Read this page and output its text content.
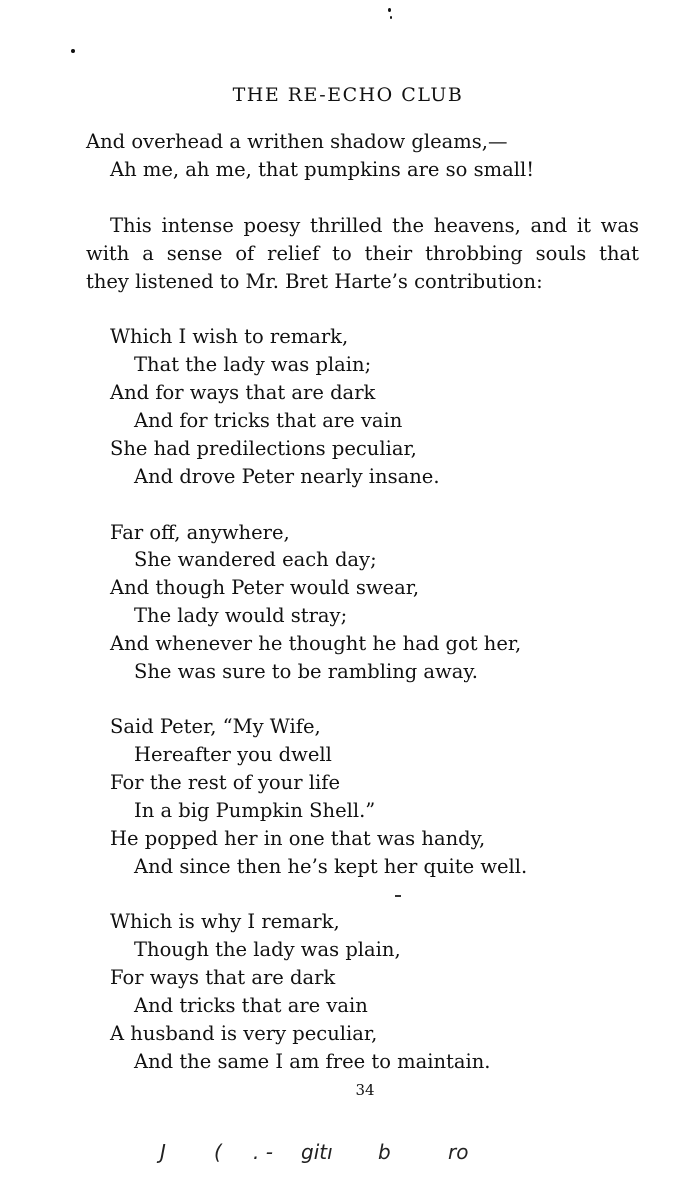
THE RE-ECHO CLUB
And overhead a writhen shadow gleams,—
Ah me, ah me, that pumpkins are so small!
This intense poesy thrilled the heavens, and it was
with a sense of relief to their throbbing souls that
they listened to Mr. Bret Harte’s contribution:
Which I wish to remark,
That the lady was plain;
And for ways that are dark
And for tricks that are vain
She had predilections peculiar,
And drove Peter nearly insane.
Far off, anywhere,
She wandered each day;
And though Peter would swear,
The lady would stray;
And whenever he thought he had got her,
She was sure to be rambling away.
Said Peter, “My Wife,
Hereafter you dwell
For the rest of your life
In a big Pumpkin Shell.”
He popped her in one that was handy,
And since then he’s kept her quite well.
Which is why I remark,
Though the lady was plain,
For ways that are dark
And tricks that are vain
A husband is very peculiar,
And the same I am free to maintain.
34
J ( . - gitı b	ro
